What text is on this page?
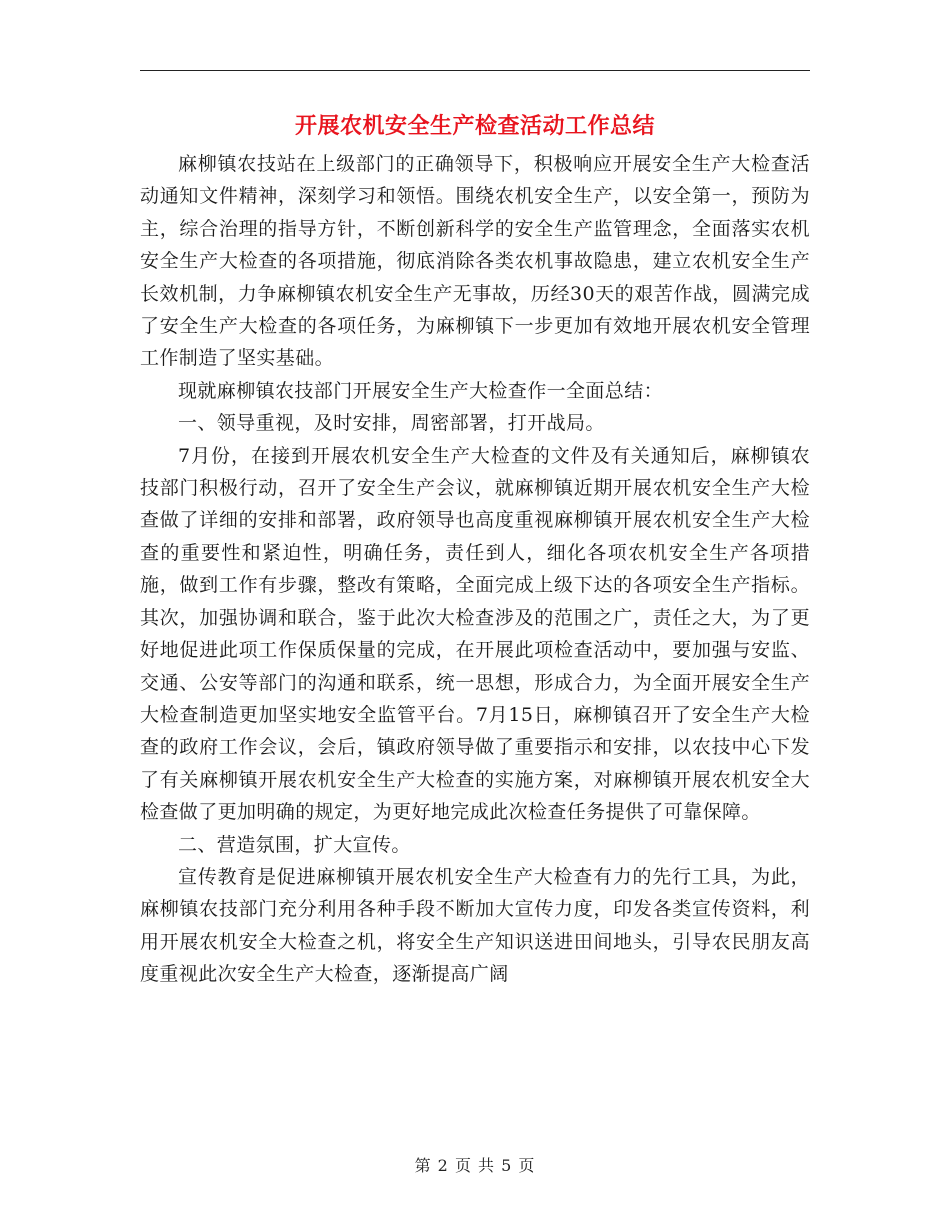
开展农机安全生产检查活动工作总结

麻柳镇农技站在上级部门的正确领导下，积极响应开展安全生产大检查活动通知文件精神，深刻学习和领悟。围绕农机安全生产，以安全第一，预防为主，综合治理的指导方针，不断创新科学的安全生产监管理念，全面落实农机安全生产大检查的各项措施，彻底消除各类农机事故隐患，建立农机安全生产长效机制，力争麻柳镇农机安全生产无事故，历经30天的艰苦作战，圆满完成了安全生产大检查的各项任务，为麻柳镇下一步更加有效地开展农机安全管理工作制造了坚实基础。

现就麻柳镇农技部门开展安全生产大检查作一全面总结：

一、领导重视，及时安排，周密部署，打开战局。

7月份，在接到开展农机安全生产大检查的文件及有关通知后，麻柳镇农技部门积极行动，召开了安全生产会议，就麻柳镇近期开展农机安全生产大检查做了详细的安排和部署，政府领导也高度重视麻柳镇开展农机安全生产大检查的重要性和紧迫性，明确任务，责任到人，细化各项农机安全生产各项措施，做到工作有步骤，整改有策略，全面完成上级下达的各项安全生产指标。其次，加强协调和联合，鉴于此次大检查涉及的范围之广，责任之大，为了更好地促进此项工作保质保量的完成，在开展此项检查活动中，要加强与安监、交通、公安等部门的沟通和联系，统一思想，形成合力，为全面开展安全生产大检查制造更加坚实地安全监管平台。7月15日，麻柳镇召开了安全生产大检查的政府工作会议，会后，镇政府领导做了重要指示和安排，以农技中心下发了有关麻柳镇开展农机安全生产大检查的实施方案，对麻柳镇开展农机安全大检查做了更加明确的规定，为更好地完成此次检查任务提供了可靠保障。

二、营造氛围，扩大宣传。

宣传教育是促进麻柳镇开展农机安全生产大检查有力的先行工具，为此，麻柳镇农技部门充分利用各种手段不断加大宣传力度，印发各类宣传资料，利用开展农机安全大检查之机，将安全生产知识送进田间地头，引导农民朋友高度重视此次安全生产大检查，逐渐提高广阔

第 2 页 共 5 页
